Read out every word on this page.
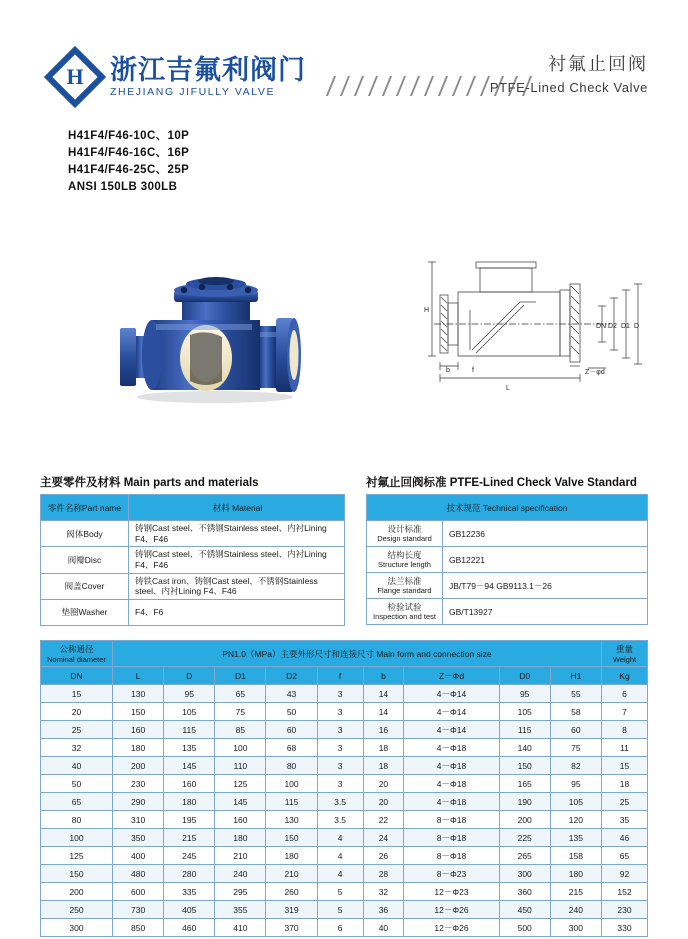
H 浙江吉氟利阀门
ZHEJIANG JIFULLY VALVE
衬氟止回阀
PTFE-Lined Check Valve
H41F4/F46-10C、10P
H41F4/F46-16C、16P
H41F4/F46-25C、25P
ANSI 150LB 300LB
H
L
b	f
DN D2 D1 D
Z－φd
主要零件及材料 Main parts and materials	衬氟止回阀标准 PTFE-Lined Check Valve Standard
零件名称Part name	材料 Material
阀体Body	铸钢Cast steel、不锈钢Stainless steel、内衬Lining F4、F46
阀瓣Disc	铸钢Cast steel、不锈钢Stainless steel、内衬Lining F4、F46
阀盖Cover	铸铁Cast iron、铸钢Cast steel、不锈钢Stainless steel、内衬Lining F4、F46
垫圈Washer	F4、F6
技术规范 Technical specification	
设计标准
Design standard	GB12236
结构长度
Structure length	GB12221
法兰标准
Flange standard	JB/T79－94 GB9113.1－26
检验试验
Inspection and test	GB/T13927
公称通径
Nominal diameter	PN1.0（MPa）主要外形尺寸和连接尺寸 Main form and connection size									重量
Weight

DN	L	D	D1	D2	f	b	Z－Φd	D0	H1	Kg
15	130	95	65	43	3	14	4－Φ14	95	55	6
20	150	105	75	50	3	14	4－Φ14	105	58	7
25	160	115	85	60	3	16	4－Φ14	115	60	8
32	180	135	100	68	3	18	4－Φ18	140	75	11
40	200	145	110	80	3	18	4－Φ18	150	82	15
50	230	160	125	100	3	20	4－Φ18	165	95	18
65	290	180	145	115	3.5	20	4－Φ18	190	105	25
80	310	195	160	130	3.5	22	8－Φ18	200	120	35
100	350	215	180	150	4	24	8－Φ18	225	135	46
125	400	245	210	180	4	26	8－Φ18	265	158	65
150	480	280	240	210	4	28	8－Φ23	300	180	92
200	600	335	295	260	5	32	12－Φ23	360	215	152
250	730	405	355	319	5	36	12－Φ26	450	240	230
300	850	460	410	370	6	40	12－Φ26	500	300	330
